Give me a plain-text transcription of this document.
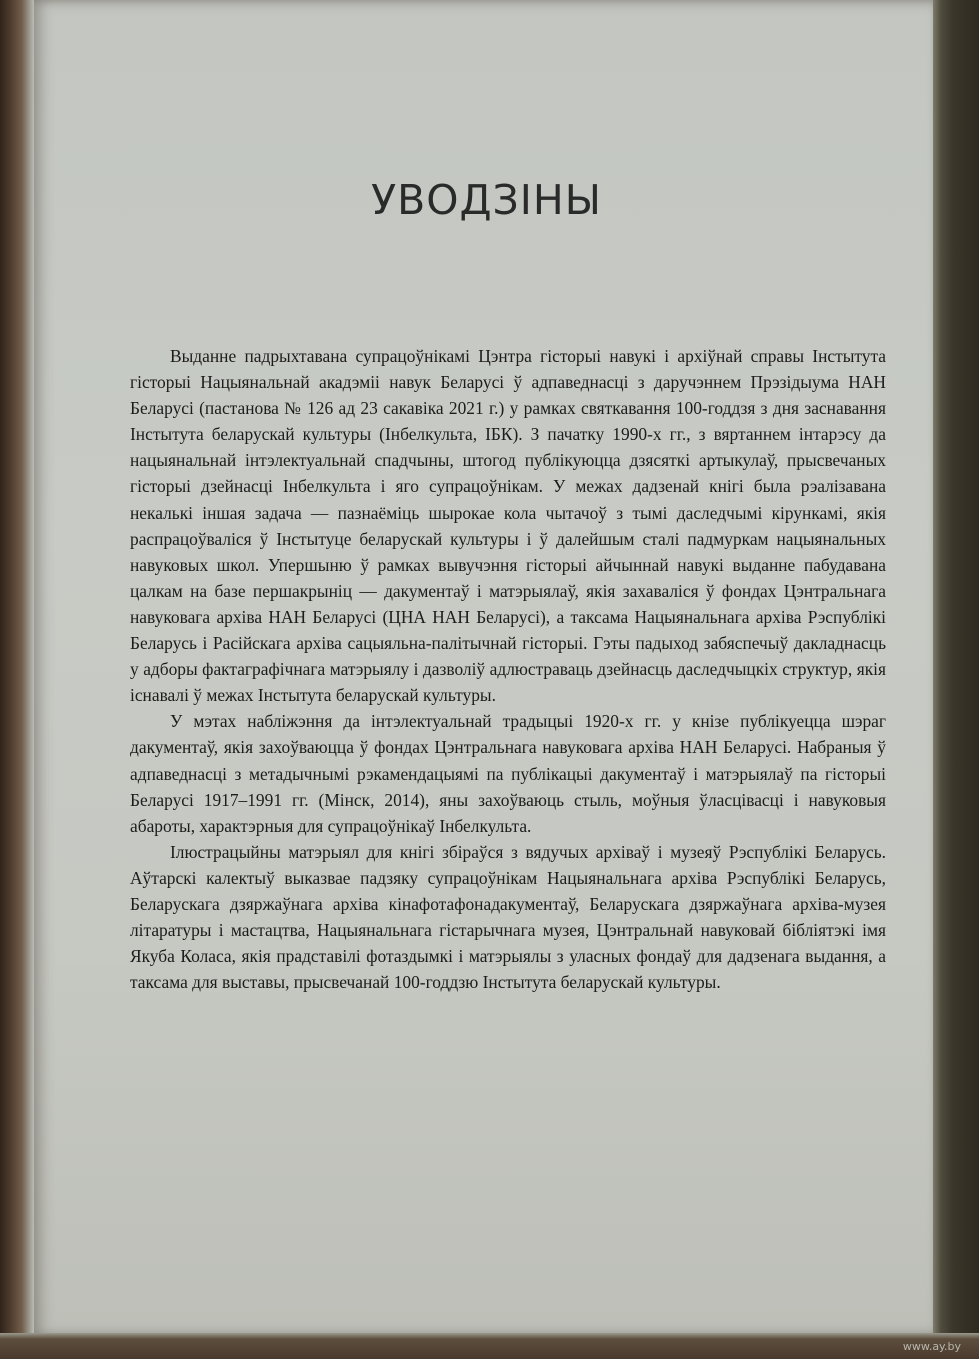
УВОДЗІНЫ

Выданне падрыхтавана супрацоўнікамі Цэнтра гісторыі навукі і архіўнай справы Інстытута гісторыі Нацыянальнай акадэміі навук Беларусі ў адпаведнасці з даручэннем Прэзідыума НАН Беларусі (пастанова № 126 ад 23 сакавіка 2021 г.) у рамках святкавання 100-годдзя з дня заснавання Інстытута беларускай культуры (Інбелкульта, ІБК). З пачатку 1990-х гг., з вяртаннем інтарэсу да нацыянальнай інтэлектуальнай спадчыны, штогод публікуюцца дзясяткі артыкулаў, прысвечаных гісторыі дзейнасці Інбелкульта і яго супрацоўнікам. У межах дадзенай кнігі была рэалізавана некалькі іншая задача — пазнаёміць шырокае кола чытачоў з тымі даследчымі кірункамі, якія распрацоўваліся ў Інстытуце беларускай культуры і ў далейшым сталі падмуркам нацыянальных навуковых школ. Упершыню ў рамках вывучэння гісторыі айчыннай навукі выданне пабудавана цалкам на базе першакрыніц — дакументаў і матэрыялаў, якія захаваліся ў фондах Цэнтральнага навуковага архіва НАН Беларусі (ЦНА НАН Беларусі), а таксама Нацыянальнага архіва Рэспублікі Беларусь і Расійскага архіва сацыяльна-палітычнай гісторыі. Гэты падыход забяспечыў дакладнасць у адборы фактаграфічнага матэрыялу і дазволіў адлюстраваць дзейнасць даследчыцкіх структур, якія існавалі ў межах Інстытута беларускай культуры.

У мэтах набліжэння да інтэлектуальнай традыцыі 1920-х гг. у кнізе публікуецца шэраг дакументаў, якія захоўваюцца ў фондах Цэнтральнага навуковага архіва НАН Беларусі. Набраныя ў адпаведнасці з метадычнымі рэкамендацыямі па публікацыі дакументаў і матэрыялаў па гісторыі Беларусі 1917–1991 гг. (Мінск, 2014), яны захоўваюць стыль, моўныя ўласцівасці і навуковыя абароты, характэрныя для супрацоўнікаў Інбелкульта.

Ілюстрацыйны матэрыял для кнігі збіраўся з вядучых архіваў і музеяў Рэспублікі Беларусь. Аўтарскі калектыў выказвае падзяку супрацоўнікам Нацыянальнага архіва Рэспублікі Беларусь, Беларускага дзяржаўнага архіва кінафотафонадакументаў, Беларускага дзяржаўнага архіва-музея літаратуры і мастацтва, Нацыянальнага гістарычнага музея, Цэнтральнай навуковай бібліятэкі імя Якуба Коласа, якія прадставілі фотаздымкі і матэрыялы з уласных фондаў для дадзенага выдання, а таксама для выставы, прысвечанай 100-годдзю Інстытута беларускай культуры.

www.ay.by
